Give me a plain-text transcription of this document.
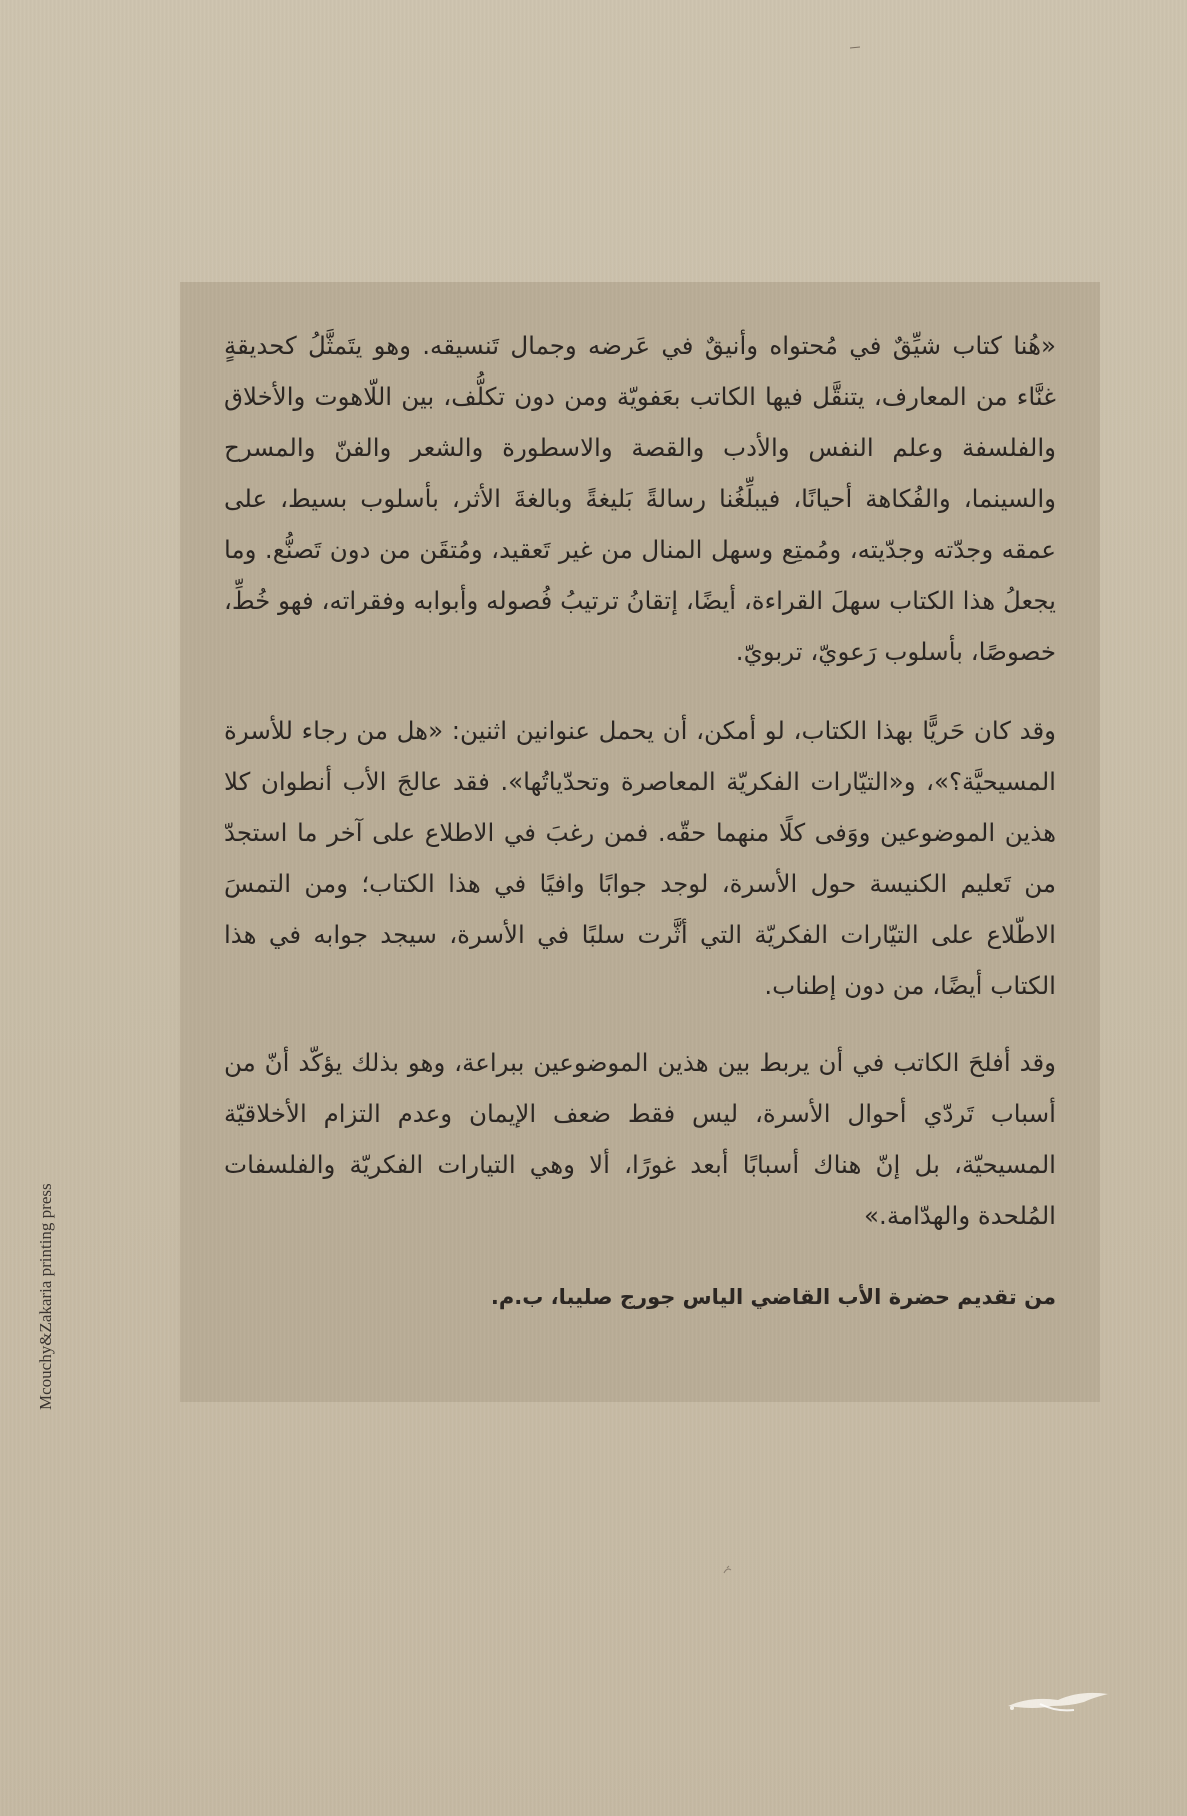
«هُنا كتاب شيِّقٌ في مُحتواه وأنيقٌ في عَرضه وجمال تَنسيقه. وهو يتَمثَّلُ كحديقةٍ غنَّاء من المعارف، يتنقَّل فيها الكاتب بعَفويّة ومن دون تكلُّف، بين اللّاهوت والأخلاق والفلسفة وعلم النفس والأدب والقصة والاسطورة والشعر والفنّ والمسرح والسينما، والفُكاهة أحيانًا، فيبلِّغُنا رسالةً بَليغةً وبالغةَ الأثر، بأسلوب بسيط، على عمقه وجدّته وجدّيته، ومُمتِع وسهل المنال من غير تَعقيد، ومُتقَن من دون تَصنُّع. وما يجعلُ هذا الكتاب سهلَ القراءة، أيضًا، إتقانُ ترتيبُ فُصوله وأبوابه وفقراته، فهو خُطِّ، خصوصًا، بأسلوب رَعويّ، تربويّ.

وقد كان حَريًّا بهذا الكتاب، لو أمكن، أن يحمل عنوانين اثنين: «هل من رجاء للأسرة المسيحيَّة؟»، و«التيّارات الفكريّة المعاصرة وتحدّياتُها». فقد عالجَ الأب أنطوان كلا هذين الموضوعين ووَفى كلًا منهما حقّه. فمن رغبَ في الاطلاع على آخر ما استجدّ من تَعليم الكنيسة حول الأسرة، لوجد جوابًا وافيًا في هذا الكتاب؛ ومن التمسَ الاطّلاع على التيّارات الفكريّة التي أثَّرت سلبًا في الأسرة، سيجد جوابه في هذا الكتاب أيضًا، من دون إطناب.

وقد أفلحَ الكاتب في أن يربط بين هذين الموضوعين ببراعة، وهو بذلك يؤكّد أنّ من أسباب تَردّي أحوال الأسرة، ليس فقط ضعف الإيمان وعدم التزام الأخلاقيّة المسيحيّة، بل إنّ هناك أسبابًا أبعد غورًا، ألا وهي التيارات الفكريّة والفلسفات المُلحدة والهدّامة.»

من تقديم حضرة الأب القاضي الياس جورج صليبا، ب.م.

Mcouchy&Zakaria printing press
